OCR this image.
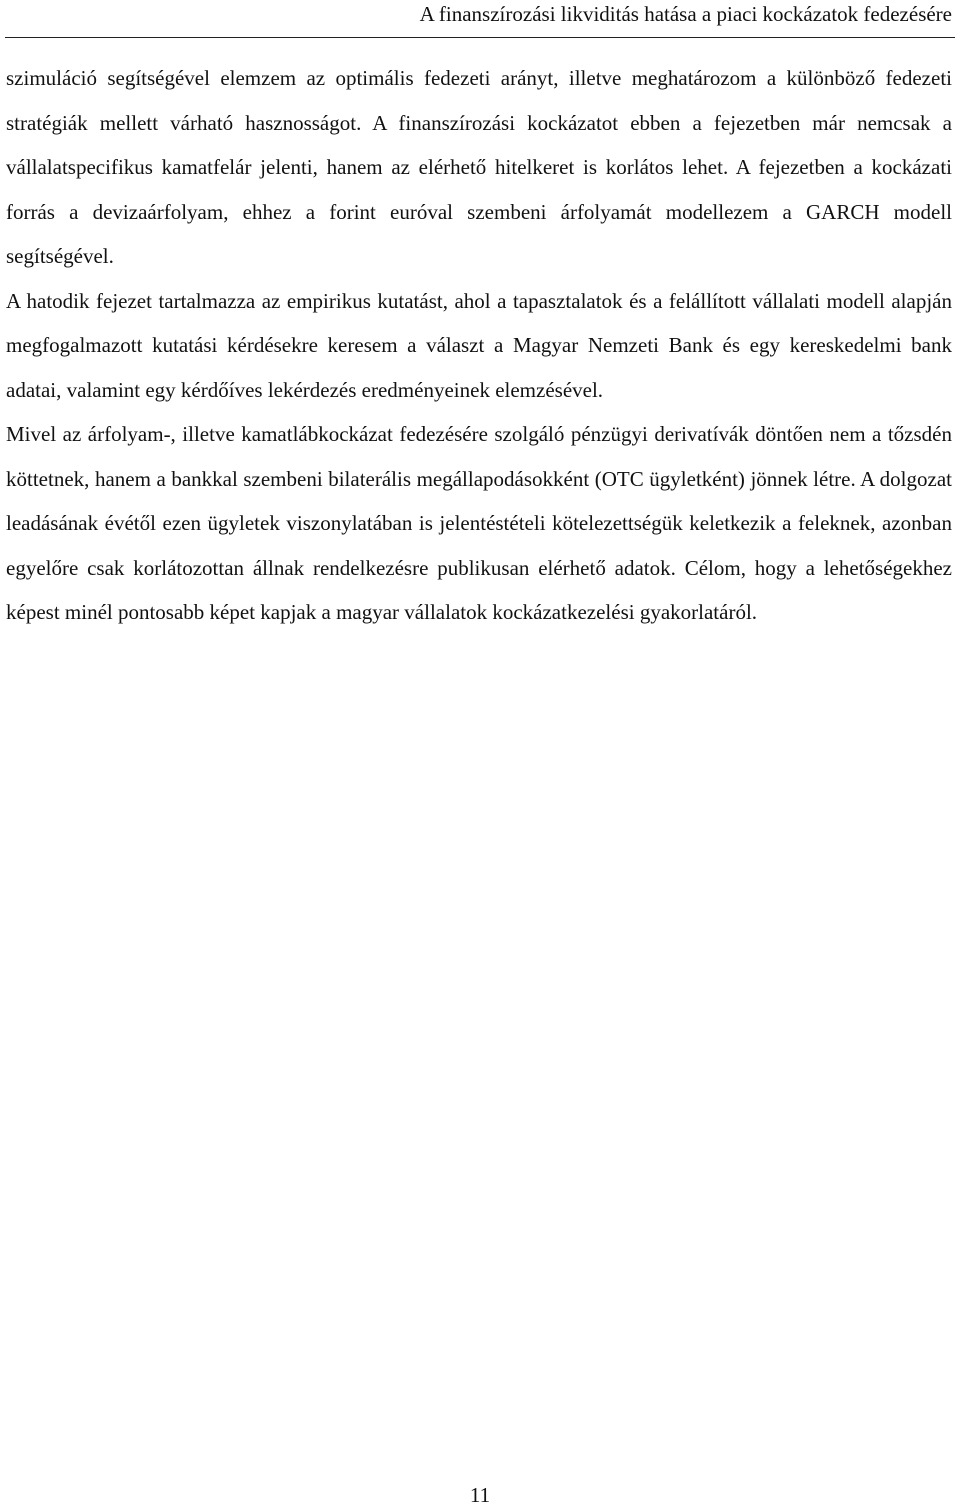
A finanszírozási likviditás hatása a piaci kockázatok fedezésére

szimuláció segítségével elemzem az optimális fedezeti arányt, illetve meghatározom a különböző fedezeti stratégiák mellett várható hasznosságot. A finanszírozási kockázatot ebben a fejezetben már nemcsak a vállalatspecifikus kamatfelár jelenti, hanem az elérhető hitelkeret is korlátos lehet. A fejezetben a kockázati forrás a devizaárfolyam, ehhez a forint euróval szembeni árfolyamát modellezem a GARCH modell segítségével.

A hatodik fejezet tartalmazza az empirikus kutatást, ahol a tapasztalatok és a felállított vállalati modell alapján megfogalmazott kutatási kérdésekre keresem a választ a Magyar Nemzeti Bank és egy kereskedelmi bank adatai, valamint egy kérdőíves lekérdezés eredményeinek elemzésével.

Mivel az árfolyam-, illetve kamatlábkockázat fedezésére szolgáló pénzügyi derivatívák döntően nem a tőzsdén köttetnek, hanem a bankkal szembeni bilaterális megállapodásokként (OTC ügyletként) jönnek létre. A dolgozat leadásának évétől ezen ügyletek viszonylatában is jelentéstételi kötelezettségük keletkezik a feleknek, azonban egyelőre csak korlátozottan állnak rendelkezésre publikusan elérhető adatok. Célom, hogy a lehetőségekhez képest minél pontosabb képet kapjak a magyar vállalatok kockázatkezelési gyakorlatáról.

11
